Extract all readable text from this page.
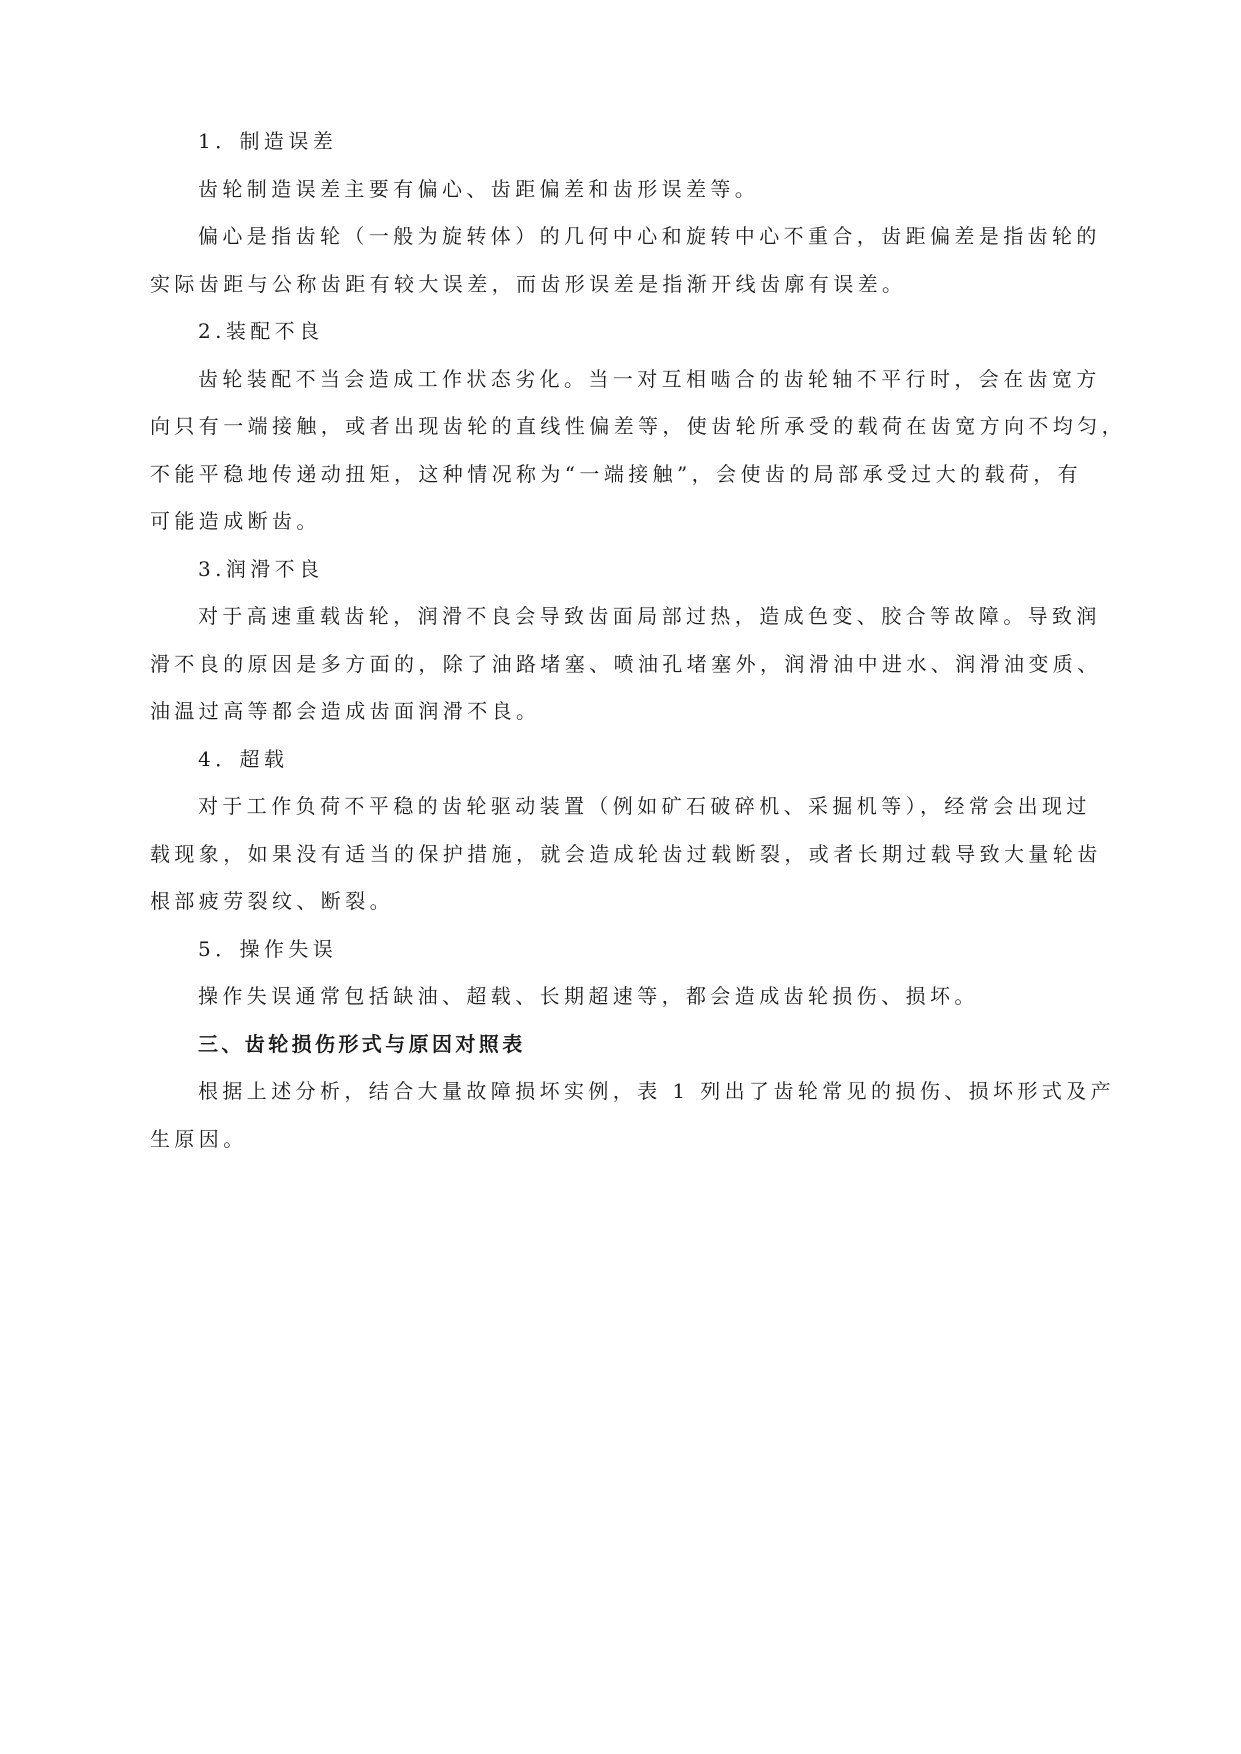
1．制造误差
齿轮制造误差主要有偏心、齿距偏差和齿形误差等。
偏心是指齿轮（一般为旋转体）的几何中心和旋转中心不重合，齿距偏差是指齿轮的
实际齿距与公称齿距有较大误差，而齿形误差是指渐开线齿廓有误差。
2.装配不良
齿轮装配不当会造成工作状态劣化。当一对互相啮合的齿轮轴不平行时，会在齿宽方
向只有一端接触，或者出现齿轮的直线性偏差等，使齿轮所承受的载荷在齿宽方向不均匀，
不能平稳地传递动扭矩，这种情况称为“一端接触”，会使齿的局部承受过大的载荷，有
可能造成断齿。
3.润滑不良
对于高速重载齿轮，润滑不良会导致齿面局部过热，造成色变、胶合等故障。导致润
滑不良的原因是多方面的，除了油路堵塞、喷油孔堵塞外，润滑油中进水、润滑油变质、
油温过高等都会造成齿面润滑不良。
4．超载
对于工作负荷不平稳的齿轮驱动装置（例如矿石破碎机、采掘机等），经常会出现过
载现象，如果没有适当的保护措施，就会造成轮齿过载断裂，或者长期过载导致大量轮齿
根部疲劳裂纹、断裂。
5．操作失误
操作失误通常包括缺油、超载、长期超速等，都会造成齿轮损伤、损坏。
三、齿轮损伤形式与原因对照表
根据上述分析，结合大量故障损坏实例，表 1 列出了齿轮常见的损伤、损坏形式及产
生原因。
